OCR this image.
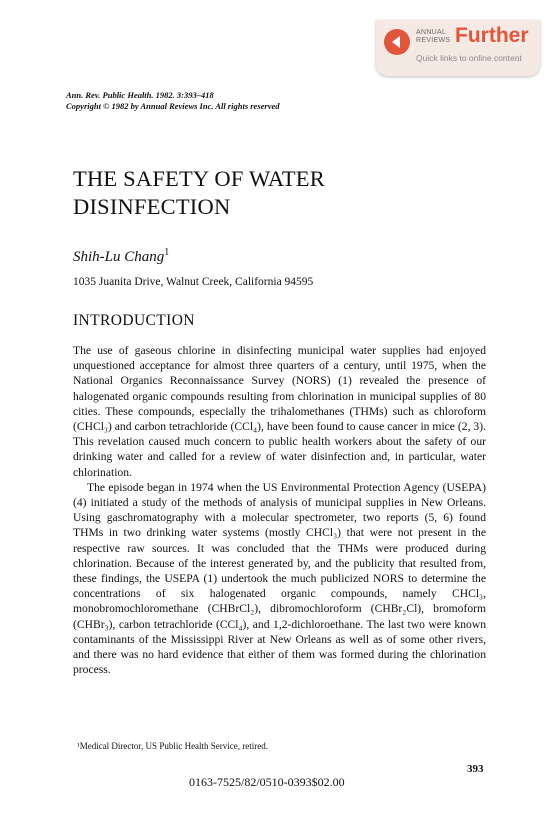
ANNUAL
REVIEWS Further
Quick links to online content
Ann. Rev. Public Health. 1982. 3:393–418
Copyright © 1982 by Annual Reviews Inc. All rights reserved
THE SAFETY OF WATER
DISINFECTION
Shih-Lu Chang$^1$
1035 Juanita Drive, Walnut Creek, California 94595
INTRODUCTION

The use of gaseous chlorine in disinfecting municipal water supplies had enjoyed unquestioned acceptance for almost three quarters of a century, until 1975, when the National Organics Reconnaissance Survey (NORS) (1) revealed the presence of halogenated organic compounds resulting from chlorination in municipal supplies of 80 cities. These compounds, especially the trihalomethanes (THMs) such as chloroform (CHCl₃) and carbon tetrachloride (CCl₄), have been found to cause cancer in mice (2, 3). This revelation caused much concern to public health workers about the safety of our drinking water and called for a review of water disinfection and, in particular, water chlorination.

The episode began in 1974 when the US Environmental Protection Agency (USEPA) (4) initiated a study of the methods of analysis of municipal supplies in New Orleans. Using gaschromatography with a molecular spectrometer, two reports (5, 6) found THMs in two drinking water systems (mostly CHCl₃) that were not present in the respective raw sources. It was concluded that the THMs were produced during chlorination. Because of the interest generated by, and the publicity that resulted from, these findings, the USEPA (1) undertook the much publicized NORS to determine the concentrations of six halogenated organic compounds, namely CHCl₃, monobromochloromethane (CHBrCl₂), dibromochloroform (CHBr₂Cl), bromoform (CHBr₃), carbon tetrachloride (CCl₄), and 1,2-dichloroethane. The last two were known contaminants of the Mississippi River at New Orleans as well as of some other rivers, and there was no hard evidence that either of them was formed during the chlorination process.

¹Medical Director, US Public Health Service, retired.
393
0163-7525/82/0510-0393$02.00
